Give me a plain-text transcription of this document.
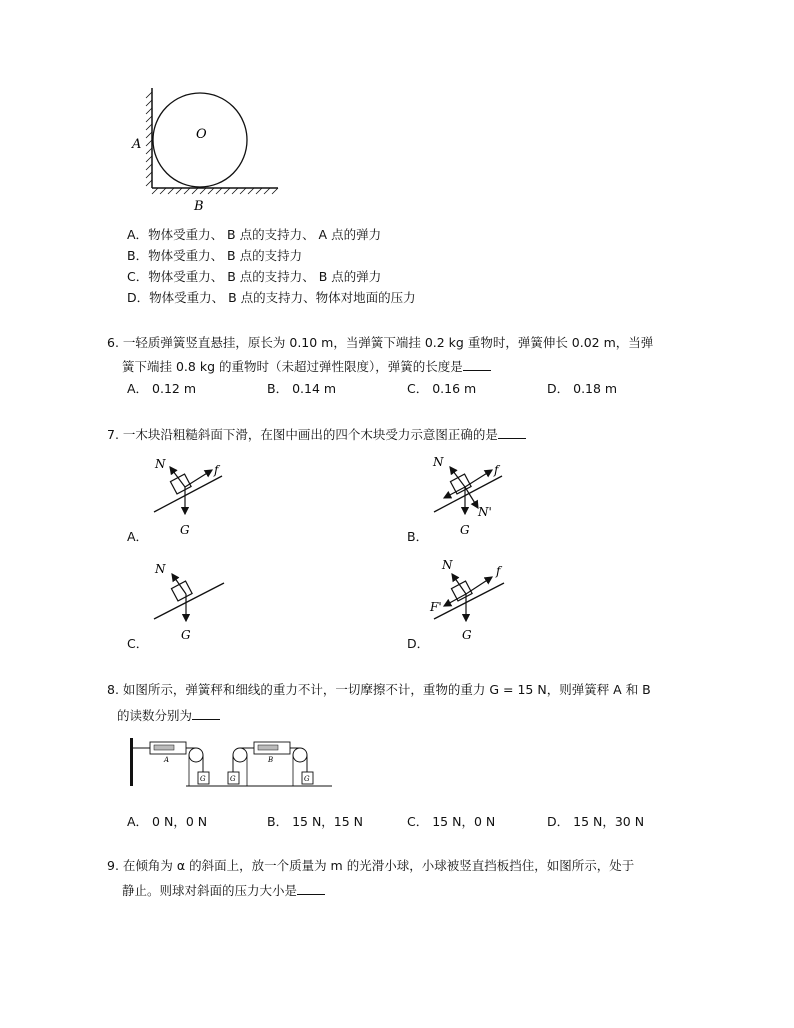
O
A
B
A．物体受重力、 B 点的支持力、 A 点的弹力
B．物体受重力、 B 点的支持力
C．物体受重力、 B 点的支持力、 B 点的弹力
D．物体受重力、 B 点的支持力、物体对地面的压力
6. 一轻质弹簧竖直悬挂，原长为 0.10 m，当弹簧下端挂 0.2 kg 重物时，弹簧伸长 0.02 m，当弹
簧下端挂 0.8 kg 的重物时（未超过弹性限度），弹簧的长度是
A． 0.12 m	B． 0.14 m	C． 0.16 m	D． 0.18 m
7. 一木块沿粗糙斜面下滑，在图中画出的四个木块受力示意图正确的是
N	f
G
A．
N
f
N'
G
B．
N
G
C．
N	f
F'
G
D．
8. 如图所示，弹簧秤和细线的重力不计，一切摩擦不计，重物的重力 G = 15 N，则弹簧秤 A 和 B
的读数分别为
A
G	G
B
G
A． 0 N，0 N	B． 15 N，15 N	C． 15 N，0 N	D． 15 N，30 N
9. 在倾角为 α 的斜面上，放一个质量为 m 的光滑小球，小球被竖直挡板挡住，如图所示，处于
静止。则球对斜面的压力大小是
